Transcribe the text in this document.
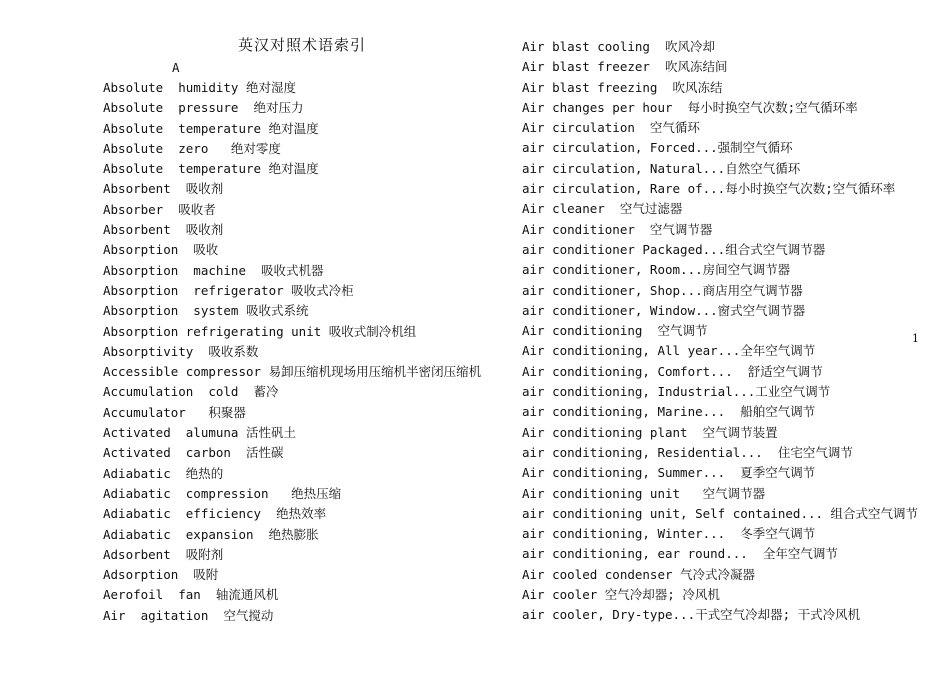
英汉对照术语索引
A
Absolute  humidity 绝对湿度
Absolute  pressure  绝对压力
Absolute  temperature 绝对温度
Absolute  zero   绝对零度
Absolute  temperature 绝对温度
Absorbent  吸收剂
Absorber  吸收者
Absorbent  吸收剂
Absorption  吸收
Absorption  machine  吸收式机器
Absorption  refrigerator 吸收式冷柜
Absorption  system 吸收式系统
Absorption refrigerating unit 吸收式制冷机组
Absorptivity  吸收系数
Accessible compressor 易卸压缩机现场用压缩机半密闭压缩机
Accumulation  cold  蓄冷
Accumulator   积聚器
Activated  alumuna 活性矾土
Activated  carbon  活性碳
Adiabatic  绝热的
Adiabatic  compression   绝热压缩
Adiabatic  efficiency  绝热效率
Adiabatic  expansion  绝热膨胀
Adsorbent  吸附剂
Adsorption  吸附
Aerofoil  fan  轴流通风机
Air  agitation  空气搅动
Air blast cooling  吹风冷却
Air blast freezer  吹风冻结间
Air blast freezing  吹风冻结
Air changes per hour  每小时换空气次数;空气循环率
Air circulation  空气循环
air circulation, Forced...强制空气循环
air circulation, Natural...自然空气循环
air circulation, Rare of...每小时换空气次数;空气循环率
Air cleaner  空气过滤器
Air conditioner  空气调节器
air conditioner Packaged...组合式空气调节器
air conditioner, Room...房间空气调节器
air conditioner, Shop...商店用空气调节器
air conditioner, Window...窗式空气调节器
Air conditioning  空气调节
Air conditioning, All year...全年空气调节
Air conditioning, Comfort...  舒适空气调节
air conditioning, Industrial...工业空气调节
air conditioning, Marine...  船舶空气调节
Air conditioning plant  空气调节装置
air conditioning, Residential...  住宅空气调节
Air conditioning, Summer...  夏季空气调节
Air conditioning unit   空气调节器
air conditioning unit, Self contained... 组合式空气调节
air conditioning, Winter...  冬季空气调节
air conditioning, ear round...  全年空气调节
Air cooled condenser 气冷式冷凝器
Air cooler 空气冷却器; 冷风机
air cooler, Dry-type...干式空气冷却器; 干式冷风机
1
